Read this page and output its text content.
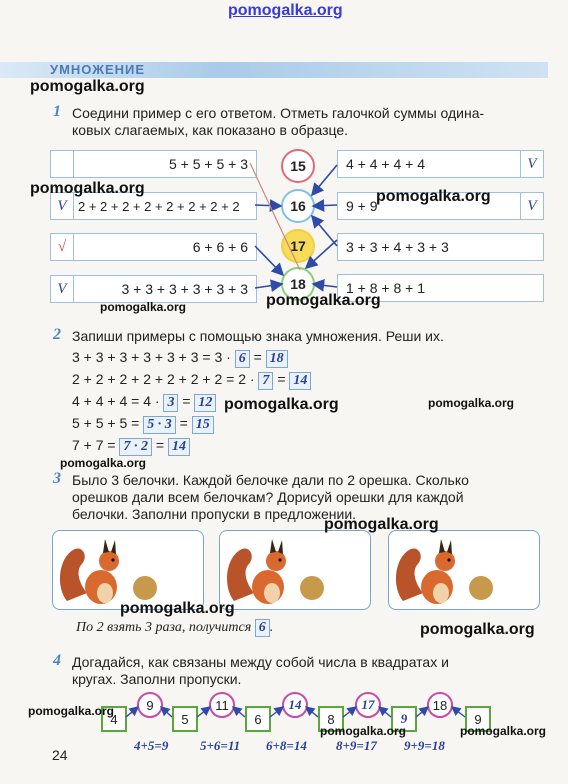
pomogalka.org
УМНОЖЕНИЕ
pomogalka.org
1 Соедини пример с его ответом. Отметь галочкой суммы одина-
ковых слагаемых, как показано в образце.
5 + 5 + 5 + 3
V 2 + 2 + 2 + 2 + 2 + 2 + 2 + 2
√	6 + 6 + 6
V	3 + 3 + 3 + 3 + 3 + 3
15
16
17
18
4 + 4 + 4 + 4	V
9 + 9	V
3 + 3 + 4 + 3 + 3
1 + 8 + 8 + 1
pomogalka.org	pomogalka.org
pomogalka.org
pomogalka.org
2 Запиши примеры с помощью знака умножения. Реши их.
3 + 3 + 3 + 3 + 3 + 3 = 3 · 6 = 18
2 + 2 + 2 + 2 + 2 + 2 + 2 = 2 · 7 = 14
4 + 4 + 4 = 4 · 3 = 12
5 + 5 + 5 = 5 · 3 = 15
7 + 7 = 7 · 2 = 14
pomogalka.org	pomogalka.org
pomogalka.org
3 Было 3 белочки. Каждой белочке дали по 2 орешка. Сколько
орешков дали всем белочкам? Дорисуй орешки для каждой
белочки. Заполни пропуски в предложении.
pomogalka.org
pomogalka.org
По 2 взять 3 раза, получится 6 .	pomogalka.org
4 Догадайся, как связаны между собой числа в квадратах и
кругах. Заполни пропуски.
4
9
5
11
6
14
8
17
9
18
9
4+5=9 5+6=11 6+8=14 8+9=17 9+9=18
pomogalka.org
pomogalka.org	pomogalka.org
24
